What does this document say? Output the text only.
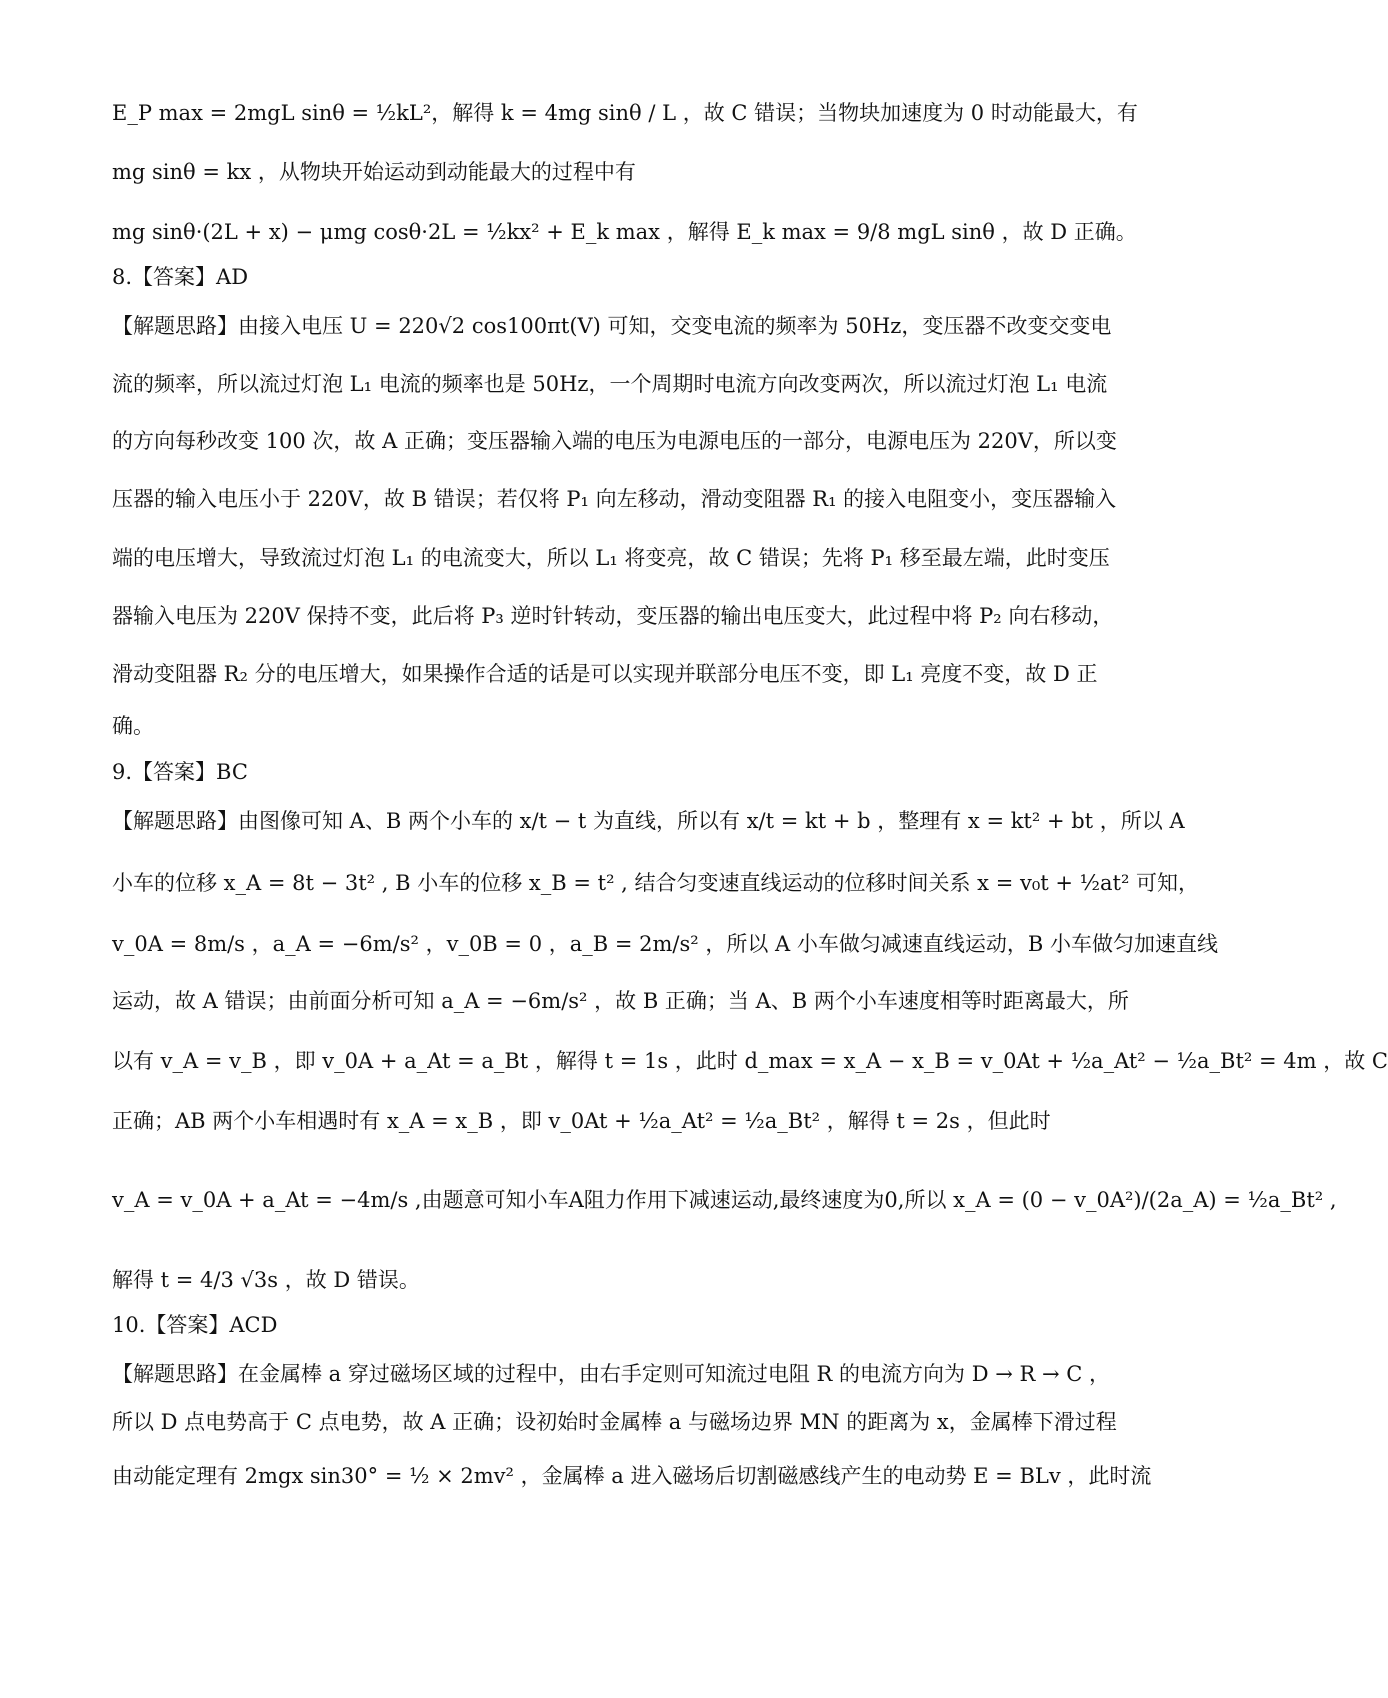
E_P max = 2mgL sinθ = ½kL²，解得 k = 4mg sinθ / L ，故 C 错误；当物块加速度为 0 时动能最大，有
mg sinθ = kx ，从物块开始运动到动能最大的过程中有
mg sinθ·(2L + x) − μmg cosθ·2L = ½kx² + E_k max ，解得 E_k max = 9/8 mgL sinθ ，故 D 正确。
8.【答案】AD
【解题思路】由接入电压 U = 220√2 cos100πt(V) 可知，交变电流的频率为 50Hz，变压器不改变交变电
流的频率，所以流过灯泡 L₁ 电流的频率也是 50Hz，一个周期时电流方向改变两次，所以流过灯泡 L₁ 电流
的方向每秒改变 100 次，故 A 正确；变压器输入端的电压为电源电压的一部分，电源电压为 220V，所以变
压器的输入电压小于 220V，故 B 错误；若仅将 P₁ 向左移动，滑动变阻器 R₁ 的接入电阻变小，变压器输入
端的电压增大，导致流过灯泡 L₁ 的电流变大，所以 L₁ 将变亮，故 C 错误；先将 P₁ 移至最左端，此时变压
器输入电压为 220V 保持不变，此后将 P₃ 逆时针转动，变压器的输出电压变大，此过程中将 P₂ 向右移动，
滑动变阻器 R₂ 分的电压增大，如果操作合适的话是可以实现并联部分电压不变，即 L₁ 亮度不变，故 D 正
确。
9.【答案】BC
【解题思路】由图像可知 A、B 两个小车的 x/t − t 为直线，所以有 x/t = kt + b ，整理有 x = kt² + bt ，所以 A
小车的位移 x_A = 8t − 3t² , B 小车的位移 x_B = t² , 结合匀变速直线运动的位移时间关系 x = v₀t + ½at² 可知，
v_0A = 8m/s ，a_A = −6m/s² ，v_0B = 0 ，a_B = 2m/s² ，所以 A 小车做匀减速直线运动，B 小车做匀加速直线
运动，故 A 错误；由前面分析可知 a_A = −6m/s² ，故 B 正确；当 A、B 两个小车速度相等时距离最大，所
以有 v_A = v_B ，即 v_0A + a_At = a_Bt ，解得 t = 1s ，此时 d_max = x_A − x_B = v_0At + ½a_At² − ½a_Bt² = 4m ，故 C
正确；AB 两个小车相遇时有 x_A = x_B ，即 v_0At + ½a_At² = ½a_Bt² ，解得 t = 2s ，但此时
v_A = v_0A + a_At = −4m/s ,由题意可知小车A阻力作用下减速运动,最终速度为0,所以 x_A = (0 − v_0A²)/(2a_A) = ½a_Bt² ,
解得 t = 4/3 √3s ，故 D 错误。
10.【答案】ACD
【解题思路】在金属棒 a 穿过磁场区域的过程中，由右手定则可知流过电阻 R 的电流方向为 D → R → C ，
所以 D 点电势高于 C 点电势，故 A 正确；设初始时金属棒 a 与磁场边界 MN 的距离为 x，金属棒下滑过程
由动能定理有 2mgx sin30° = ½ × 2mv² ，金属棒 a 进入磁场后切割磁感线产生的电动势 E = BLv ，此时流
